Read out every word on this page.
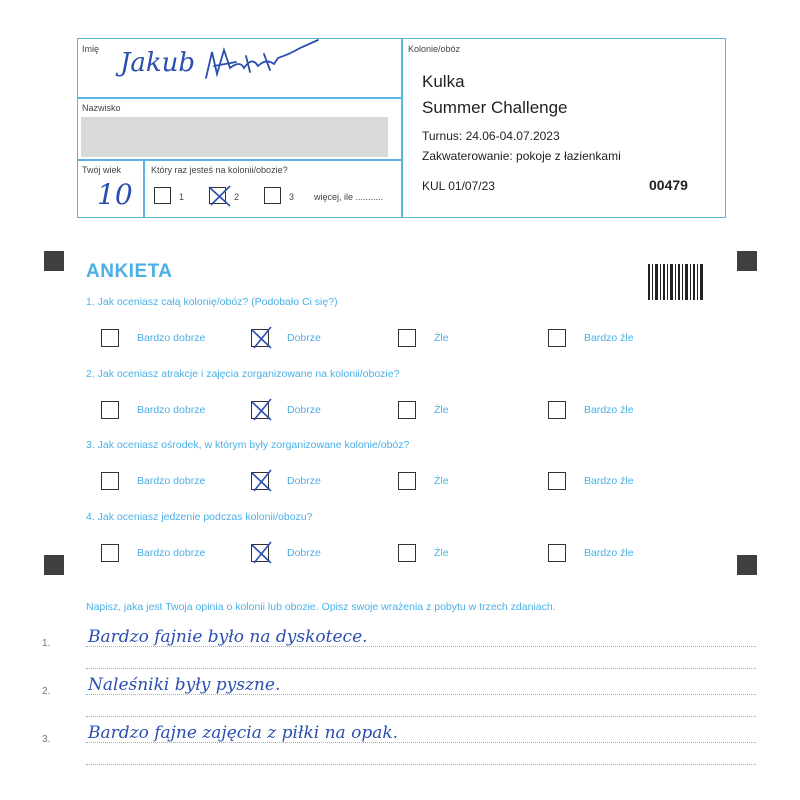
Imię Jakub
Nazwisko
Twój wiek
10
Który raz jesteś na kolonii/obozie?
1	2	3 więcej, ile ...........
Kolonie/obóz
Kulka
Summer Challenge
Turnus: 24.06-04.07.2023
Zakwaterowanie: pokoje z łazienkami
KUL 01/07/23	00479
ANKIETA
1. Jak oceniasz całą kolonię/obóz? (Podobało Ci się?)
Bardzo dobrze	Dobrze	Źle	Bardzo źle
2. Jak oceniasz atrakcje i zajęcia zorganizowane na kolonii/obozie?
Bardzo dobrze	Dobrze	Źle	Bardzo źle
3. Jak oceniasz ośrodek, w którym były zorganizowane kolonie/obóz?
Bardzo dobrze	Dobrze	Źle	Bardzo źle
4. Jak oceniasz jedzenie podczas kolonii/obozu?
Bardzo dobrze	Dobrze	Źle	Bardzo źle
Napisz, jaka jest Twoja opinia o kolonii lub obozie. Opisz swoje wrażenia z pobytu w trzech zdaniach.
1. Bardzo fajnie było na dyskotece.
2. Naleśniki były pyszne.
3. Bardzo fajne zajęcia z piłki na opak.
